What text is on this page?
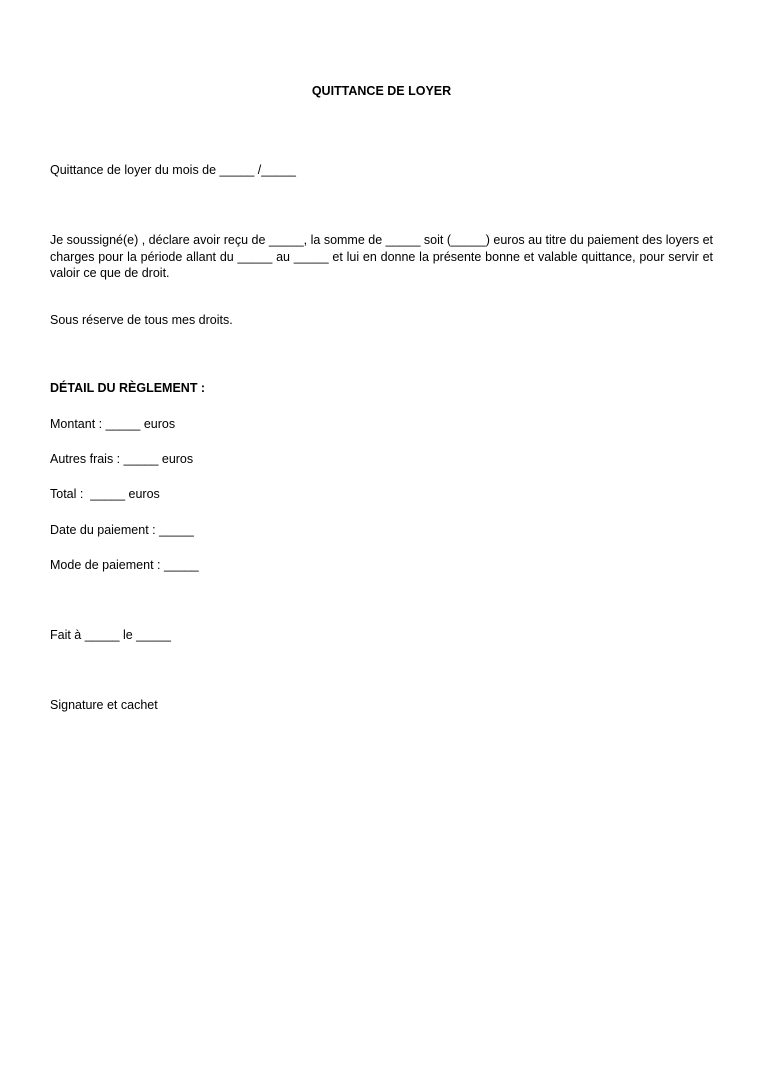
QUITTANCE DE LOYER
Quittance de loyer du mois de _____ /_____
Je soussigné(e) , déclare avoir reçu de _____, la somme de _____ soit (_____) euros au titre du paiement des loyers et charges pour la période allant du _____ au _____ et lui en donne la présente bonne et valable quittance, pour servir et valoir ce que de droit.
Sous réserve de tous mes droits.
DÉTAIL DU RÈGLEMENT :
Montant : _____ euros
Autres frais : _____ euros
Total :  _____ euros
Date du paiement : _____
Mode de paiement : _____
Fait à _____ le _____
Signature et cachet
